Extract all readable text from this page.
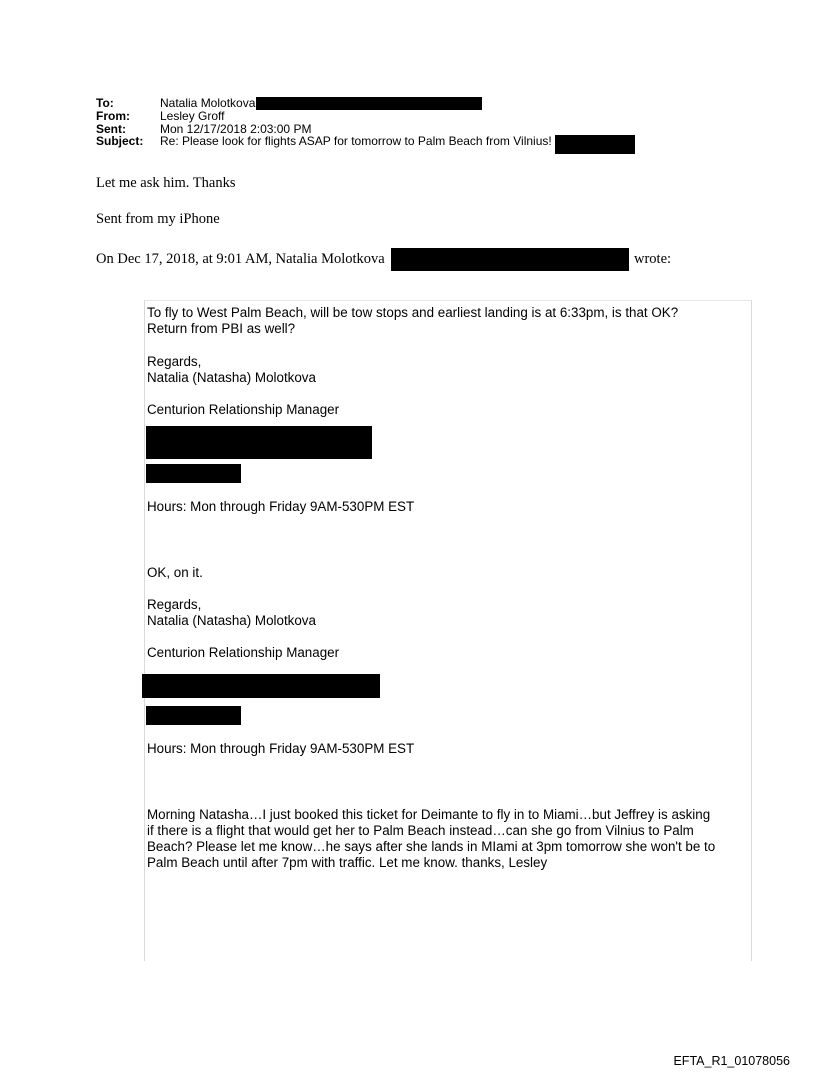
To:	Natalia Molotkova
From:	Lesley Groff
Sent:	Mon 12/17/2018 2:03:00 PM
Subject:	Re: Please look for flights ASAP for tomorrow to Palm Beach from Vilnius!
Let me ask him. Thanks
Sent from my iPhone
On Dec 17, 2018, at 9:01 AM, Natalia Molotkova	wrote:
To fly to West Palm Beach, will be tow stops and earliest landing is at 6:33pm, is that OK?
Return from PBI as well?
Regards,
Natalia (Natasha) Molotkova
Centurion Relationship Manager
Hours: Mon through Friday 9AM-530PM EST
OK, on it.
Regards,
Natalia (Natasha) Molotkova
Centurion Relationship Manager
Hours: Mon through Friday 9AM-530PM EST
Morning Natasha…I just booked this ticket for Deimante to fly in to Miami…but Jeffrey is asking
if there is a flight that would get her to Palm Beach instead…can she go from Vilnius to Palm
Beach? Please let me know…he says after she lands in MIami at 3pm tomorrow she won't be to
Palm Beach until after 7pm with traffic. Let me know. thanks, Lesley
EFTA_R1_01078056
